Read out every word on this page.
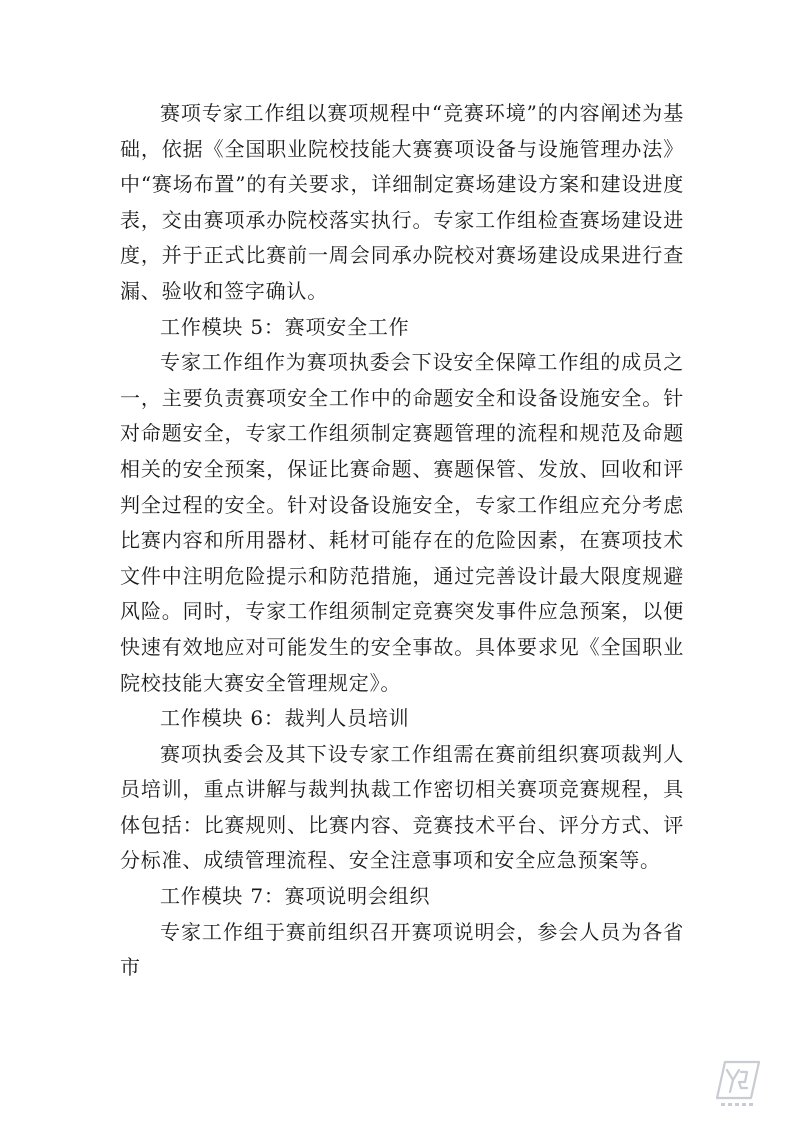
赛项专家工作组以赛项规程中“竞赛环境”的内容阐述为基础，依据《全国职业院校技能大赛赛项设备与设施管理办法》中“赛场布置”的有关要求，详细制定赛场建设方案和建设进度表，交由赛项承办院校落实执行。专家工作组检查赛场建设进度，并于正式比赛前一周会同承办院校对赛场建设成果进行查漏、验收和签字确认。

工作模块 5：赛项安全工作

专家工作组作为赛项执委会下设安全保障工作组的成员之一，主要负责赛项安全工作中的命题安全和设备设施安全。针对命题安全，专家工作组须制定赛题管理的流程和规范及命题相关的安全预案，保证比赛命题、赛题保管、发放、回收和评判全过程的安全。针对设备设施安全，专家工作组应充分考虑比赛内容和所用器材、耗材可能存在的危险因素，在赛项技术文件中注明危险提示和防范措施，通过完善设计最大限度规避风险。同时，专家工作组须制定竞赛突发事件应急预案，以便快速有效地应对可能发生的安全事故。具体要求见《全国职业院校技能大赛安全管理规定》。

工作模块 6：裁判人员培训

赛项执委会及其下设专家工作组需在赛前组织赛项裁判人员培训，重点讲解与裁判执裁工作密切相关赛项竞赛规程，具体包括：比赛规则、比赛内容、竞赛技术平台、评分方式、评分标准、成绩管理流程、安全注意事项和安全应急预案等。

工作模块 7：赛项说明会组织

专家工作组于赛前组织召开赛项说明会，参会人员为各省市
